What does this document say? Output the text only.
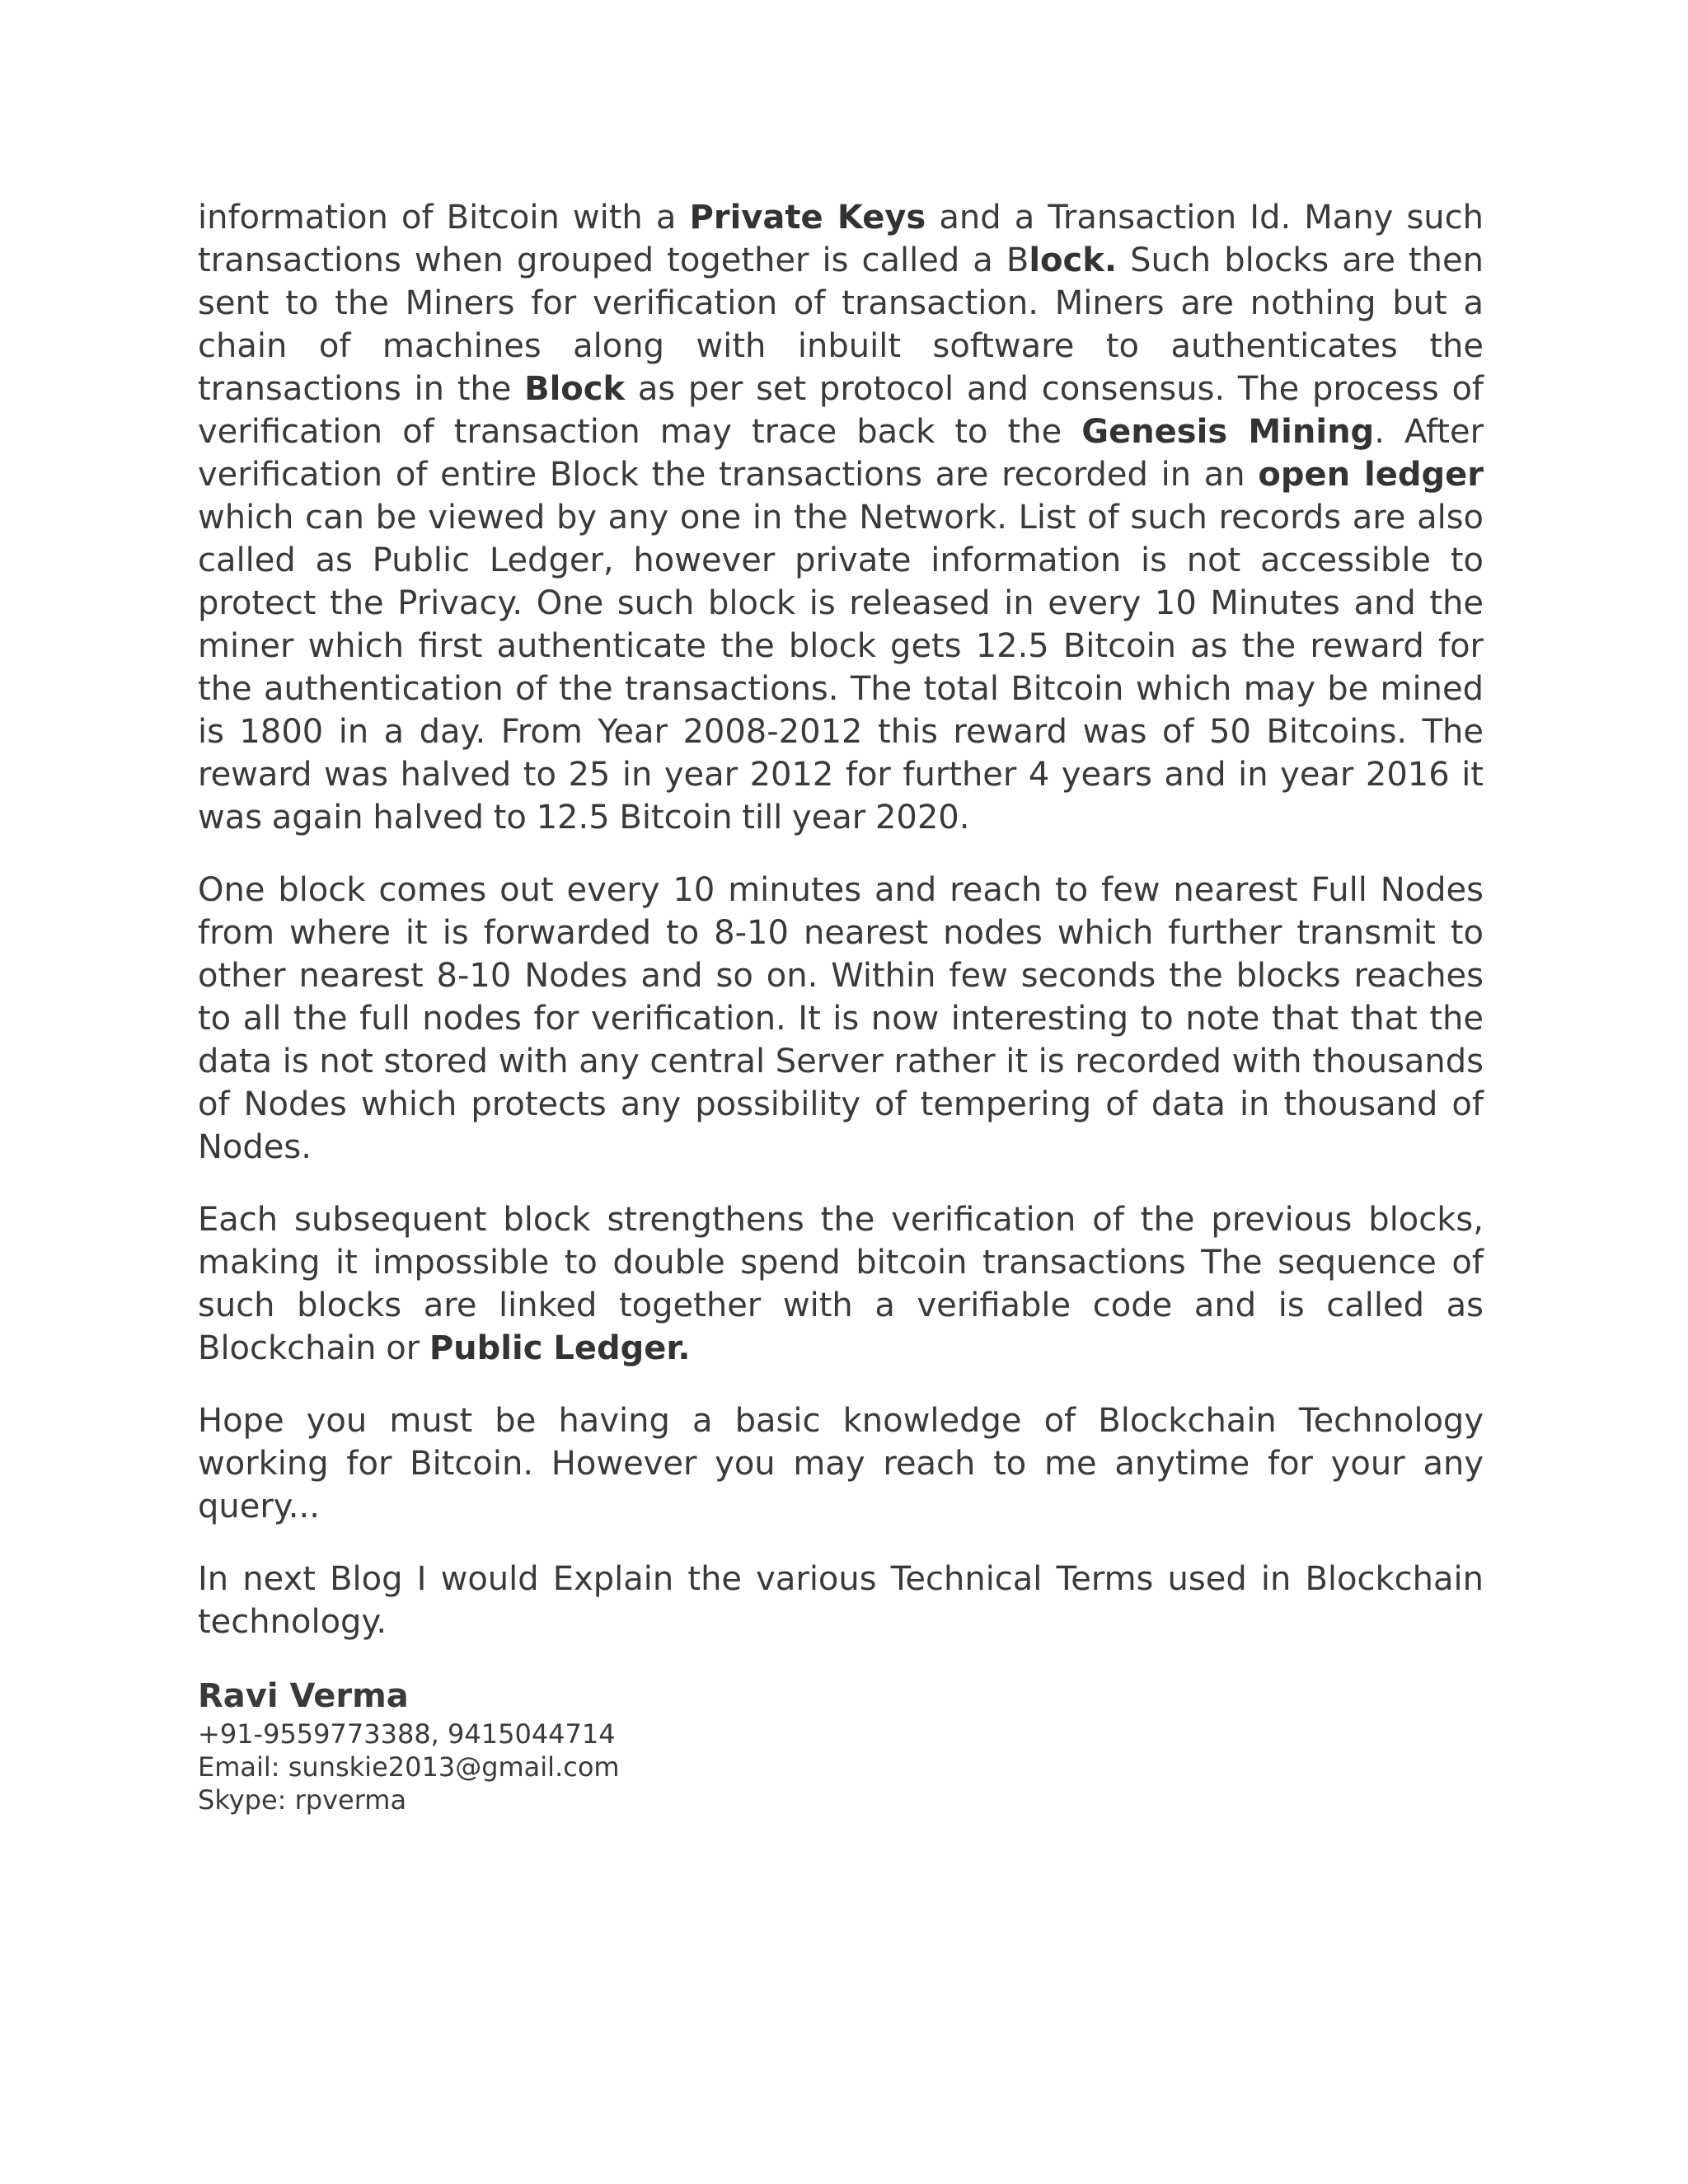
information of Bitcoin with a Private Keys and a Transaction Id. Many such transactions when grouped together is called a Block. Such blocks are then sent to the Miners for verification of transaction. Miners are nothing but a chain of machines along with inbuilt software to authenticates the transactions in the Block as per set protocol and consensus. The process of verification of transaction may trace back to the Genesis Mining. After verification of entire Block the transactions are recorded in an open ledger which can be viewed by any one in the Network. List of such records are also called as Public Ledger, however private information is not accessible to protect the Privacy. One such block is released in every 10 Minutes and the miner which first authenticate the block gets 12.5 Bitcoin as the reward for the authentication of the transactions. The total Bitcoin which may be mined is 1800 in a day. From Year 2008-2012 this reward was of 50 Bitcoins. The reward was halved to 25 in year 2012 for further 4 years and in year 2016 it was again halved to 12.5 Bitcoin till year 2020.

One block comes out every 10 minutes and reach to few nearest Full Nodes from where it is forwarded to 8-10 nearest nodes which further transmit to other nearest 8-10 Nodes and so on. Within few seconds the blocks reaches to all the full nodes for verification. It is now interesting to note that that the data is not stored with any central Server rather it is recorded with thousands of Nodes which protects any possibility of tempering of data in thousand of Nodes.

Each subsequent block strengthens the verification of the previous blocks, making it impossible to double spend bitcoin transactions The sequence of such blocks are linked together with a verifiable code and is called as Blockchain or Public Ledger.

Hope you must be having a basic knowledge of Blockchain Technology working for Bitcoin. However you may reach to me anytime for your any query...

In next Blog I would Explain the various Technical Terms used in Blockchain technology.

Ravi Verma
+91-9559773388, 9415044714
Email: sunskie2013@gmail.com
Skype: rpverma
